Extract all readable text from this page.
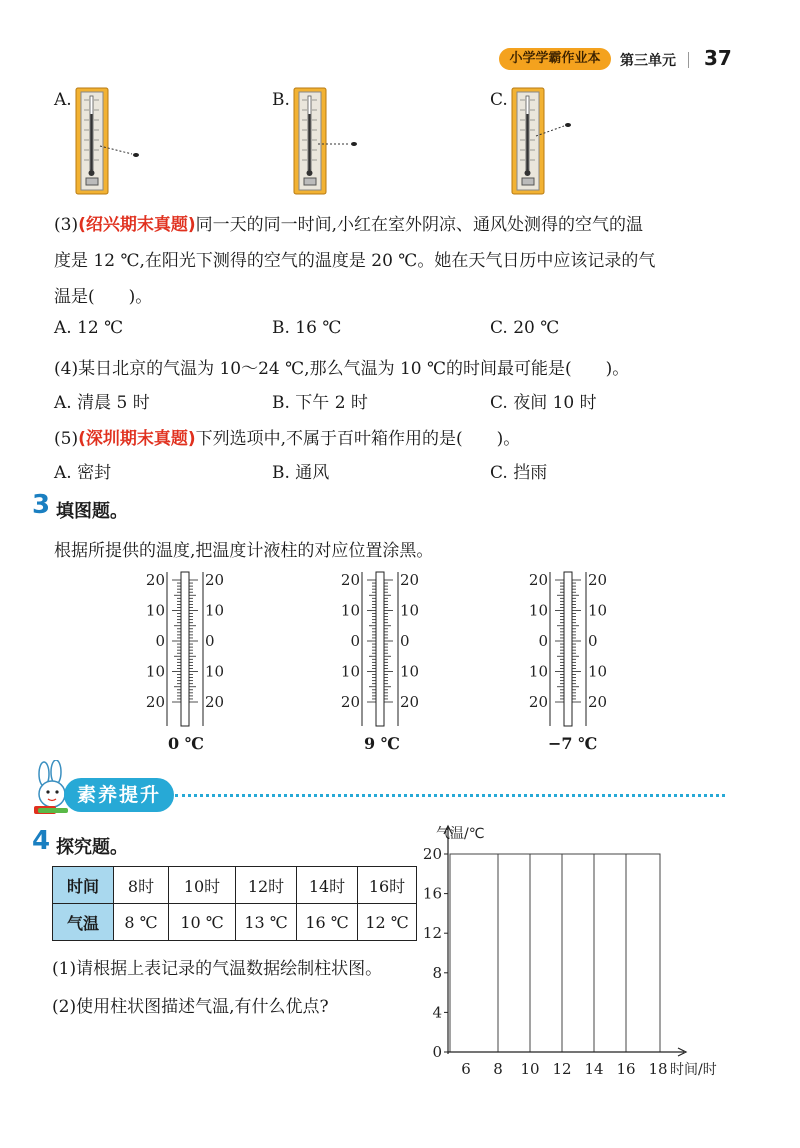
小学学霸作业本	第三单元 37
A.	B.	C.
(3)(绍兴期末真题)同一天的同一时间,小红在室外阴凉、通风处测得的空气的温
度是 12 ℃,在阳光下测得的空气的温度是 20 ℃。她在天气日历中应该记录的气
温是(　　)。
A. 12 ℃	B. 16 ℃	C. 20 ℃
(4)某日北京的气温为 10～24 ℃,那么气温为 10 ℃的时间最可能是(　　)。
A. 清晨 5 时	B. 下午 2 时	C. 夜间 10 时
(5)(深圳期末真题)下列选项中,不属于百叶箱作用的是(　　)。
A. 密封	B. 通风	C. 挡雨
3 填图题。
根据所提供的温度,把温度计液柱的对应位置涂黑。
20	20
10	10
0	0
10	10
20	20
20	20
10	10
0	0
10	10
20	20
20	20
10	10
0	0
10	10
20	20
0 ℃	9 ℃	−7 ℃
素养提升
4 探究题。
时间	8时	10时	12时	14时	16时
气温	8 ℃	10 ℃	13 ℃	16 ℃	12 ℃
(1)请根据上表记录的气温数据绘制柱状图。
(2)使用柱状图描述气温,有什么优点?
0
4
8
12
16
20
6 8 10 12 14 16 18
气温/℃
时间/时
